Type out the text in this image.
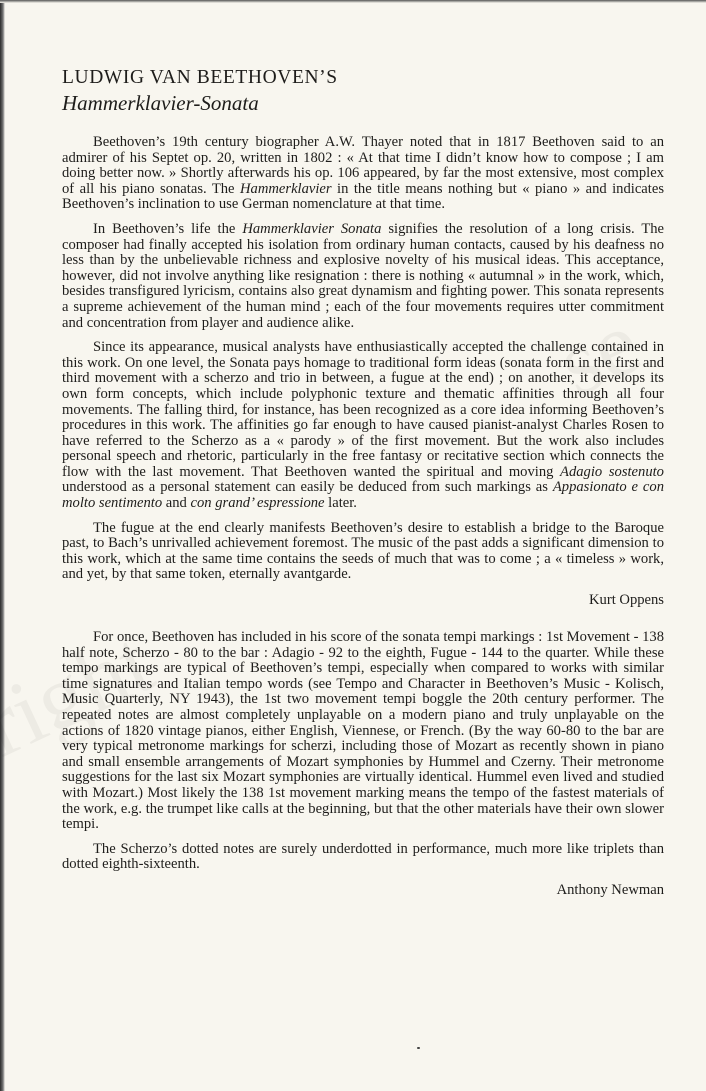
LUDWIG VAN BEETHOVEN’S
Hammerklavier-Sonata

Beethoven’s 19th century biographer A.W. Thayer noted that in 1817 Beethoven said to an admirer of his Septet op. 20, written in 1802 : « At that time I didn’t know how to compose ; I am doing better now. » Shortly afterwards his op. 106 appeared, by far the most extensive, most complex of all his piano sonatas. The Hammerklavier in the title means nothing but « piano » and indicates Beethoven’s inclination to use German nomenclature at that time.

In Beethoven’s life the Hammerklavier Sonata signifies the resolution of a long crisis. The composer had finally accepted his isolation from ordinary human contacts, caused by his deafness no less than by the unbelievable richness and explosive novelty of his musical ideas. This acceptance, however, did not involve anything like resignation : there is nothing « autumnal » in the work, which, besides transfigured lyricism, contains also great dynamism and fighting power. This sonata represents a supreme achievement of the human mind ; each of the four movements requires utter commitment and concentration from player and audience alike.

Since its appearance, musical analysts have enthusiastically accepted the challenge contained in this work. On one level, the Sonata pays homage to traditional form ideas (sonata form in the first and third movement with a scherzo and trio in between, a fugue at the end) ; on another, it develops its own form concepts, which include polyphonic texture and thematic affinities through all four movements. The falling third, for instance, has been recognized as a core idea informing Beethoven’s procedures in this work. The affinities go far enough to have caused pianist-analyst Charles Rosen to have referred to the Scherzo as a « parody » of the first movement. But the work also includes personal speech and rhetoric, particularly in the free fantasy or recitative section which connects the flow with the last movement. That Beethoven wanted the spiritual and moving Adagio sostenuto understood as a personal statement can easily be deduced from such markings as Appasionato e con molto sentimento and con grand’ espressione later.

The fugue at the end clearly manifests Beethoven’s desire to establish a bridge to the Baroque past, to Bach’s unrivalled achievement foremost. The music of the past adds a significant dimension to this work, which at the same time contains the seeds of much that was to come ; a « timeless » work, and yet, by that same token, eternally avantgarde.

Kurt Oppens

For once, Beethoven has included in his score of the sonata tempi markings : 1st Movement - 138 half note, Scherzo - 80 to the bar : Adagio - 92 to the eighth, Fugue - 144 to the quarter. While these tempo markings are typical of Beethoven’s tempi, especially when compared to works with similar time signatures and Italian tempo words (see Tempo and Character in Beethoven’s Music - Kolisch, Music Quarterly, NY 1943), the 1st two movement tempi boggle the 20th century performer. The repeated notes are almost completely unplayable on a modern piano and truly unplayable on the actions of 1820 vintage pianos, either English, Viennese, or French. (By the way 60-80 to the bar are very typical metronome markings for scherzi, including those of Mozart as recently shown in piano and small ensemble arrangements of Mozart symphonies by Hummel and Czerny. Their metronome suggestions for the last six Mozart symphonies are virtually identical. Hummel even lived and studied with Mozart.) Most likely the 138 1st movement marking means the tempo of the fastest materials of the work, e.g. the trumpet like calls at the beginning, but that the other materials have their own slower tempi.

The Scherzo’s dotted notes are surely underdotted in performance, much more like triplets than dotted eighth-sixteenth.

Anthony Newman
